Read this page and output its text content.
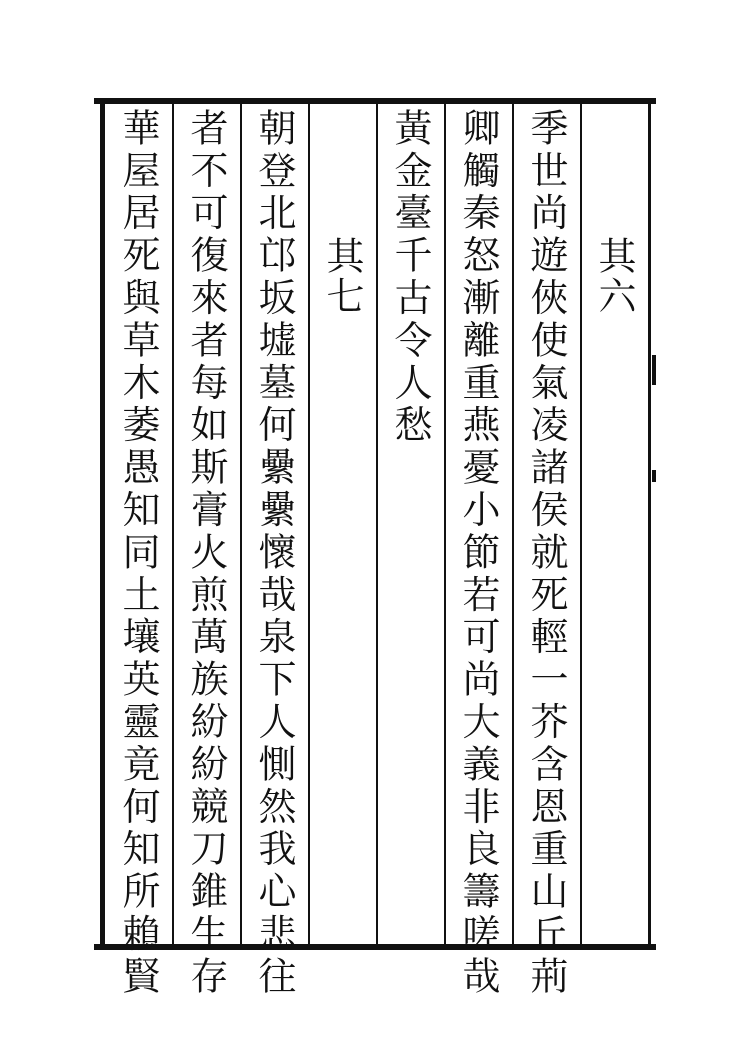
其六
季世尚遊俠使氣凌諸侯就死輕一芥含恩重山丘荊
卿觸秦怒漸離重燕憂小節若可尚大義非良籌嗟哉
黃金臺千古令人愁
其七
朝登北邙坂墟墓何纍纍懷哉泉下人惻然我心悲往
者不可復來者每如斯膏火煎萬族紛紛競刀錐生存
華屋居死與草木萎愚知同土壤英靈竟何知所賴賢
